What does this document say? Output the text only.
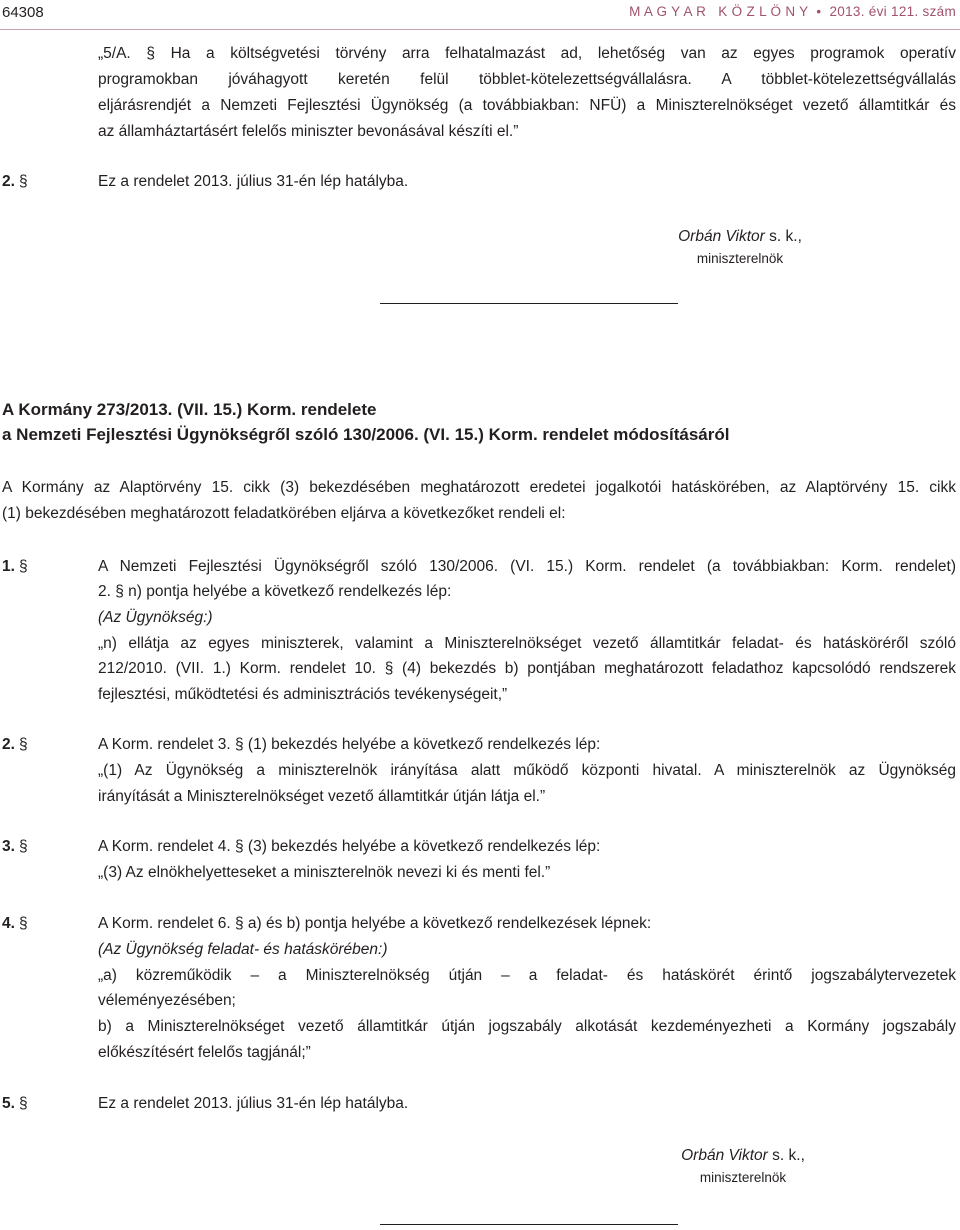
64308	M A G Y A R   K Ö Z L Ö N Y  •  2013. évi 121. szám

„5/A. § Ha a költségvetési törvény arra felhatalmazást ad, lehetőség van az egyes programok operatív

programokban jóváhagyott keretén felül többlet-kötelezettségvállalásra. A többlet-kötelezettségvállalás

eljárásrendjét a Nemzeti Fejlesztési Ügynökség (a továbbiakban: NFÜ) a Miniszterelnökséget vezető államtitkár és

az államháztartásért felelős miniszter bevonásával készíti el.”

2. §	Ez a rendelet 2013. július 31-én lép hatályba.

Orbán Viktor s. k.,
miniszterelnök
A Kormány 273/2013. (VII. 15.) Korm. rendelete
a Nemzeti Fejlesztési Ügynökségről szóló 130/2006. (VI. 15.) Korm. rendelet módosításáról

A Kormány az Alaptörvény 15. cikk (3) bekezdésében meghatározott eredetei jogalkotói hatáskörében, az Alaptörvény 15. cikk

(1) bekezdésében meghatározott feladatkörében eljárva a következőket rendeli el:

1. §	A Nemzeti Fejlesztési Ügynökségről szóló 130/2006. (VI. 15.) Korm. rendelet (a továbbiakban: Korm. rendelet)

2. § n) pontja helyébe a következő rendelkezés lép:

(Az Ügynökség:)

„n) ellátja az egyes miniszterek, valamint a Miniszterelnökséget vezető államtitkár feladat- és hatásköréről szóló

212/2010. (VII. 1.) Korm. rendelet 10. § (4) bekezdés b) pontjában meghatározott feladathoz kapcsolódó rendszerek

fejlesztési, működtetési és adminisztrációs tevékenységeit,”

2. §	A Korm. rendelet 3. § (1) bekezdés helyébe a következő rendelkezés lép:

„(1) Az Ügynökség a miniszterelnök irányítása alatt működő központi hivatal. A miniszterelnök az Ügynökség

irányítását a Miniszterelnökséget vezető államtitkár útján látja el.”

3. §	A Korm. rendelet 4. § (3) bekezdés helyébe a következő rendelkezés lép:

„(3) Az elnökhelyetteseket a miniszterelnök nevezi ki és menti fel.”

4. §	A Korm. rendelet 6. § a) és b) pontja helyébe a következő rendelkezések lépnek:

(Az Ügynökség feladat- és hatáskörében:)

„a) közreműködik – a Miniszterelnökség útján – a feladat- és hatáskörét érintő jogszabálytervezetek

véleményezésében;

b) a Miniszterelnökséget vezető államtitkár útján jogszabály alkotását kezdeményezheti a Kormány jogszabály

előkészítésért felelős tagjánál;”

5. §	Ez a rendelet 2013. július 31-én lép hatályba.

Orbán Viktor s. k.,
miniszterelnök
